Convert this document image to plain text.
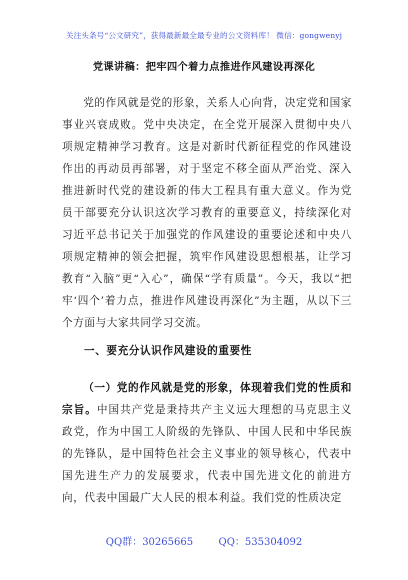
关注头条号“公文研究”，获得最新最全最专业的公文资料库！ 微信：gongwenyj
党课讲稿：把牢四个着力点推进作风建设再深化

党的作风就是党的形象，关系人心向背，决定党和国家事业兴衰成败。党中央决定，在全党开展深入贯彻中央八项规定精神学习教育。这是对新时代新征程党的作风建设作出的再动员再部署，对于坚定不移全面从严治党、深入推进新时代党的建设新的伟大工程具有重大意义。作为党员干部要充分认识这次学习教育的重要意义，持续深化对习近平总书记关于加强党的作风建设的重要论述和中央八项规定精神的领会把握，筑牢作风建设思想根基，让学习教育“入脑”更“入心”，确保“学有质量”。今天，我以“把牢‘四个’着力点，推进作风建设再深化”为主题，从以下三个方面与大家共同学习交流。

一、要充分认识作风建设的重要性

（一）党的作风就是党的形象，体现着我们党的性质和宗旨。中国共产党是秉持共产主义远大理想的马克思主义政党，作为中国工人阶级的先锋队、中国人民和中华民族的先锋队，是中国特色社会主义事业的领导核心，代表中国先进生产力的发展要求，代表中国先进文化的前进方向，代表中国最广大人民的根本利益。我们党的性质决定

QQ群：30265665        QQ：535304092
